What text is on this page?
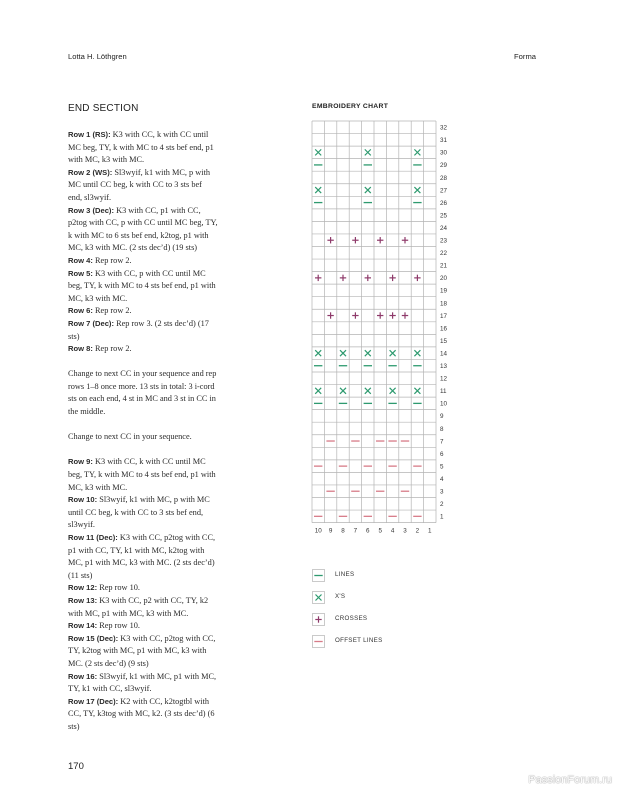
Lotta H. Löthgren	Forma
END SECTION

Row 1 (RS): K3 with CC, k with CC until MC beg, TY, k with MC to 4 sts bef end, p1 with MC, k3 with MC.

Row 2 (WS): Sl3wyif, k1 with MC, p with MC until CC beg, k with CC to 3 sts bef end, sl3wyif.

Row 3 (Dec): K3 with CC, p1 with CC, p2tog with CC, p with CC until MC beg, TY, k with MC to 6 sts bef end, k2tog, p1 with MC, k3 with MC. (2 sts dec’d) (19 sts)

Row 4: Rep row 2.

Row 5: K3 with CC, p with CC until MC beg, TY, k with MC to 4 sts bef end, p1 with MC, k3 with MC.

Row 6: Rep row 2.

Row 7 (Dec): Rep row 3. (2 sts dec’d) (17 sts)

Row 8: Rep row 2.

Change to next CC in your sequence and rep rows 1–8 once more. 13 sts in total: 3 i-cord sts on each end, 4 st in MC and 3 st in CC in the middle.

Change to next CC in your sequence.

Row 9: K3 with CC, k with CC until MC beg, TY, k with MC to 4 sts bef end, p1 with MC, k3 with MC.

Row 10: Sl3wyif, k1 with MC, p with MC until CC beg, k with CC to 3 sts bef end, sl3wyif.

Row 11 (Dec): K3 with CC, p2tog with CC, p1 with CC, TY, k1 with MC, k2tog with MC, p1 with MC, k3 with MC. (2 sts dec’d) (11 sts)

Row 12: Rep row 10.

Row 13: K3 with CC, p2 with CC, TY, k2 with MC, p1 with MC, k3 with MC.

Row 14: Rep row 10.

Row 15 (Dec): K3 with CC, p2tog with CC, TY, k2tog with MC, p1 with MC, k3 with MC. (2 sts dec’d) (9 sts)

Row 16: Sl3wyif, k1 with MC, p1 with MC, TY, k1 with CC, sl3wyif.

Row 17 (Dec): K2 with CC, k2togtbl with CC, TY, k3tog with MC, k2. (3 sts dec’d) (6 sts)

EMBROIDERY CHART
1
2
3
4
5
6
7
8
9
10
11
12
13
14
15
16
17
18
19
20
21
22
23
24
25
26
27
28
29
30
31
32
10 9 8 7 6 5 4 3 2 1
LINES
X'S
CROSSES
OFFSET LINES
170
PassionForum.ru
